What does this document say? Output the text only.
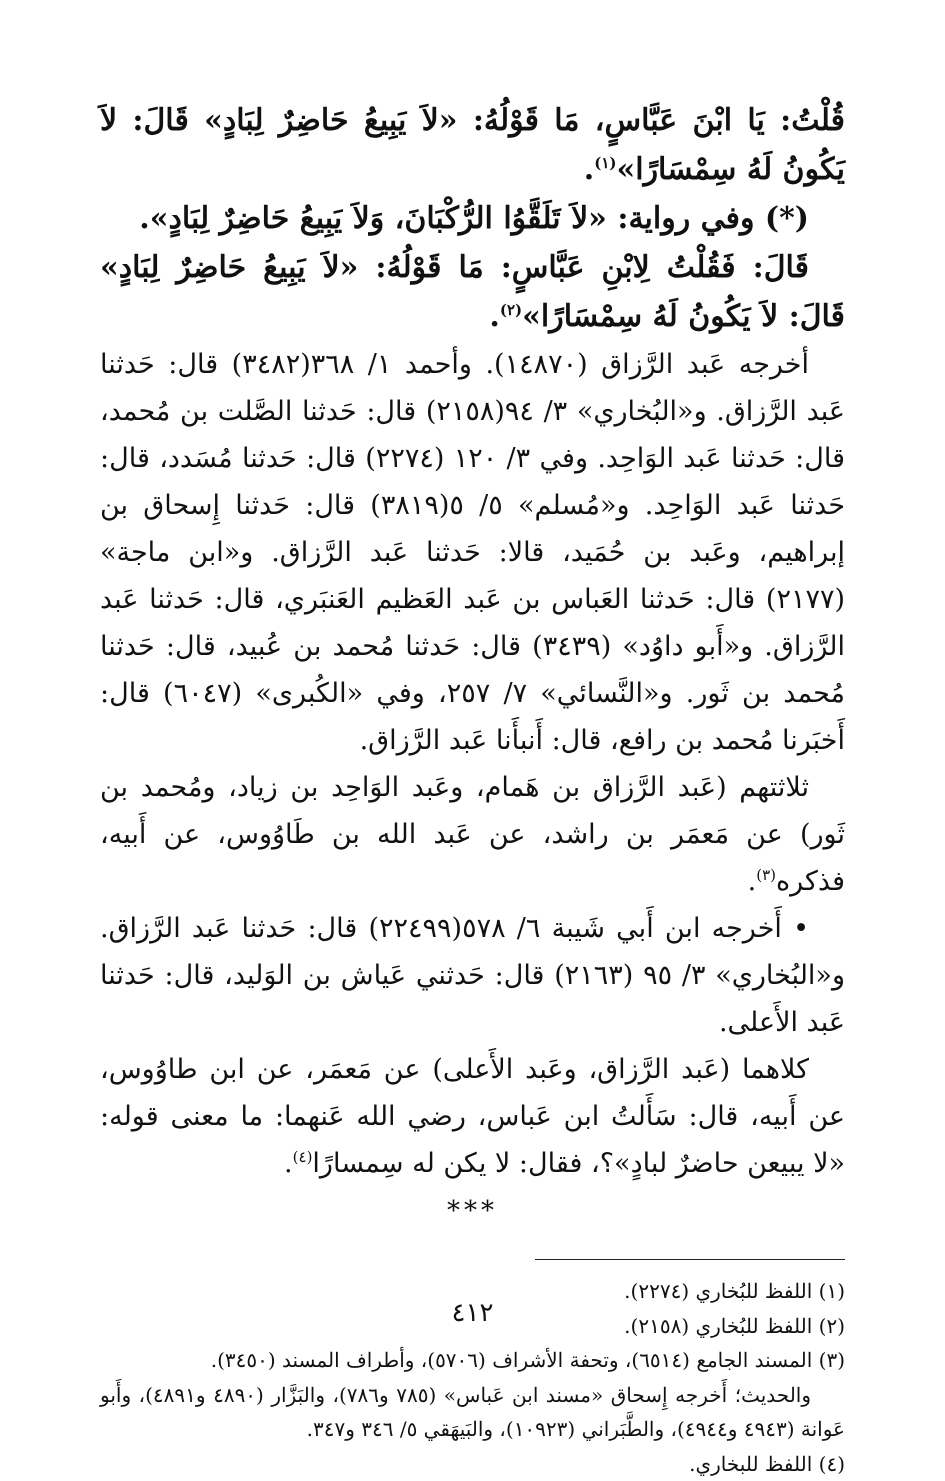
قُلْتُ: يَا ابْنَ عَبَّاسٍ، مَا قَوْلُهُ: «لاَ يَبِيعُ حَاضِرٌ لِبَادٍ» قَالَ: لاَ يَكُونُ لَهُ سِمْسَارًا»$^{(١)}$.

(*) وفي رواية: «لاَ تَلَقَّوُا الرُّكْبَانَ، وَلاَ يَبِيعُ حَاضِرٌ لِبَادٍ».

قَالَ: فَقُلْتُ لِابْنِ عَبَّاسٍ: مَا قَوْلُهُ: «لاَ يَبِيعُ حَاضِرٌ لِبَادٍ» قَالَ: لاَ يَكُونُ لَهُ سِمْسَارًا»$^{(٢)}$.

أخرجه عَبد الرَّزاق (١٤٨٧٠). وأحمد ١/ ٣٦٨(٣٤٨٢) قال: حَدثنا عَبد الرَّزاق. و«البُخاري» ٣/ ٩٤(٢١٥٨) قال: حَدثنا الصَّلت بن مُحمد، قال: حَدثنا عَبد الوَاحِد. وفي ٣/ ١٢٠ (٢٢٧٤) قال: حَدثنا مُسَدد، قال: حَدثنا عَبد الوَاحِد. و«مُسلم» ٥/ ٥(٣٨١٩) قال: حَدثنا إِسحاق بن إبراهيم، وعَبد بن حُمَيد، قالا: حَدثنا عَبد الرَّزاق. و«ابن ماجة» (٢١٧٧) قال: حَدثنا العَباس بن عَبد العَظيم العَنبَري، قال: حَدثنا عَبد الرَّزاق. و«أَبو داوُد» (٣٤٣٩) قال: حَدثنا مُحمد بن عُبيد، قال: حَدثنا مُحمد بن ثَور. و«النَّسائي» ٧/ ٢٥٧، وفي «الكُبرى» (٦٠٤٧) قال: أَخبَرنا مُحمد بن رافع، قال: أَنبأَنا عَبد الرَّزاق.

ثلاثتهم (عَبد الرَّزاق بن هَمام، وعَبد الوَاحِد بن زياد، ومُحمد بن ثَور) عن مَعمَر بن راشد، عن عَبد الله بن طَاوُوس، عن أَبيه، فذكره$^{(٣)}$.

• أَخرجه ابن أَبي شَيبة ٦/ ٥٧٨(٢٢٤٩٩) قال: حَدثنا عَبد الرَّزاق. و«البُخاري» ٣/ ٩٥ (٢١٦٣) قال: حَدثني عَياش بن الوَليد، قال: حَدثنا عَبد الأَعلى.

كلاهما (عَبد الرَّزاق، وعَبد الأَعلى) عن مَعمَر، عن ابن طاوُوس، عن أَبيه، قال: سَأَلتُ ابن عَباس، رضي الله عَنهما: ما معنى قوله: «لا يبيعن حاضرٌ لبادٍ»؟، فقال: لا يكن له سِمسارًا$^{(٤)}$.

***

(١) اللفظ للبُخاري (٢٢٧٤).

(٢) اللفظ للبُخاري (٢١٥٨).

(٣) المسند الجامع (٦٥١٤)، وتحفة الأشراف (٥٧٠٦)، وأطراف المسند (٣٤٥٠).

والحديث؛ أَخرجه إِسحاق «مسند ابن عَباس» (٧٨٥ و٧٨٦)، والبَزَّار (٤٨٩٠ و٤٨٩١)، وأَبو عَوانة (٤٩٤٣ و٤٩٤٤)، والطَّبَراني (١٠٩٢٣)، والبَيهَقي ٥/ ٣٤٦ و٣٤٧.

(٤) اللفظ للبخاري.

٤١٢
